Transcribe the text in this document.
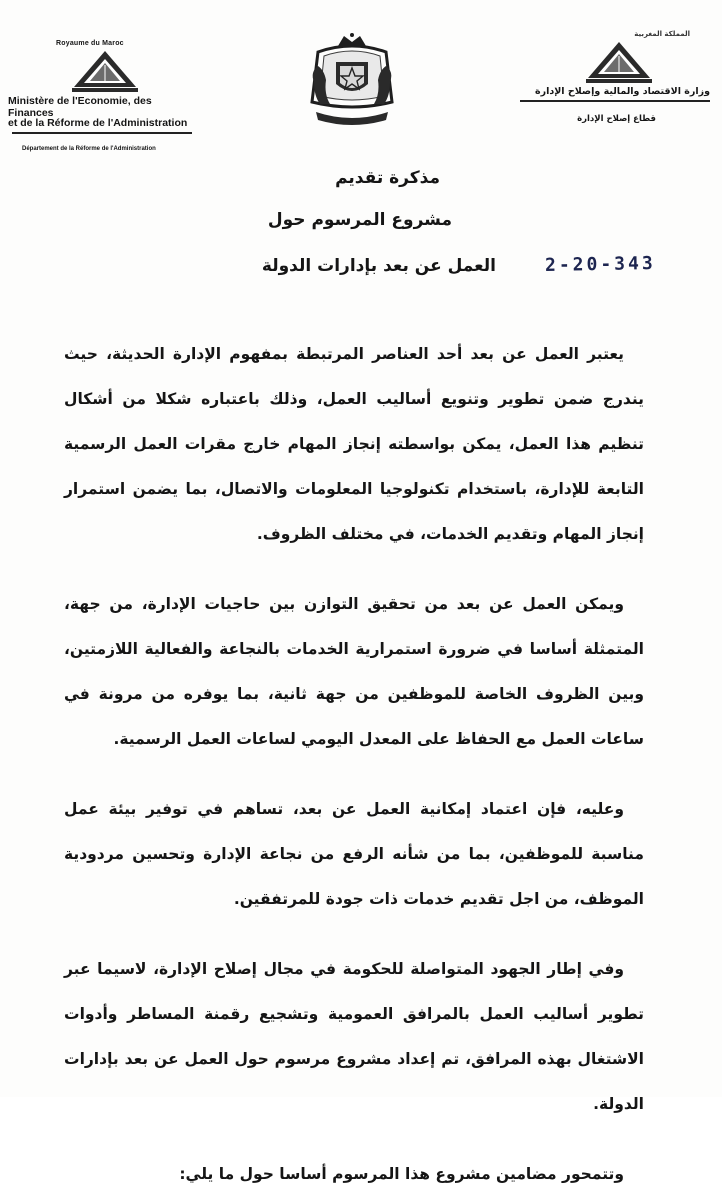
Royaume du Maroc
Ministère de l'Economie, des Finances
et de la Réforme de l'Administration
Département de la Réforme de l'Administration
المملكة المغربية
وزارة الاقتصاد والمالية وإصلاح الإدارة
قطاع إصلاح الإدارة
مذكرة تقديم
مشروع المرسوم حول
العمل عن بعد بإدارات الدولة	2-20-343

يعتبر العمل عن بعد أحد العناصر المرتبطة بمفهوم الإدارة الحديثة، حيث يندرج ضمن تطوير وتنويع أساليب العمل، وذلك باعتباره شكلا من أشكال تنظيم هذا العمل، يمكن بواسطته إنجاز المهام خارج مقرات العمل الرسمية التابعة للإدارة، باستخدام تكنولوجيا المعلومات والاتصال، بما يضمن استمرار إنجاز المهام وتقديم الخدمات، في مختلف الظروف.

ويمكن العمل عن بعد من تحقيق التوازن بين حاجيات الإدارة، من جهة، المتمثلة أساسا في ضرورة استمرارية الخدمات بالنجاعة والفعالية اللازمتين، وبين الظروف الخاصة للموظفين من جهة ثانية، بما يوفره من مرونة في ساعات العمل مع الحفاظ على المعدل اليومي لساعات العمل الرسمية.

وعليه، فإن اعتماد إمكانية العمل عن بعد، تساهم في توفير بيئة عمل مناسبة للموظفين، بما من شأنه الرفع من نجاعة الإدارة وتحسين مردودية الموظف، من اجل تقديم خدمات ذات جودة للمرتفقين.

وفي إطار الجهود المتواصلة للحكومة في مجال إصلاح الإدارة، لاسيما عبر تطوير أساليب العمل بالمرافق العمومية وتشجيع رقمنة المساطر وأدوات الاشتغال بهذه المرافق، تم إعداد مشروع مرسوم حول العمل عن بعد بإدارات الدولة.

وتتمحور مضامين مشروع هذا المرسوم أساسا حول ما يلي:
